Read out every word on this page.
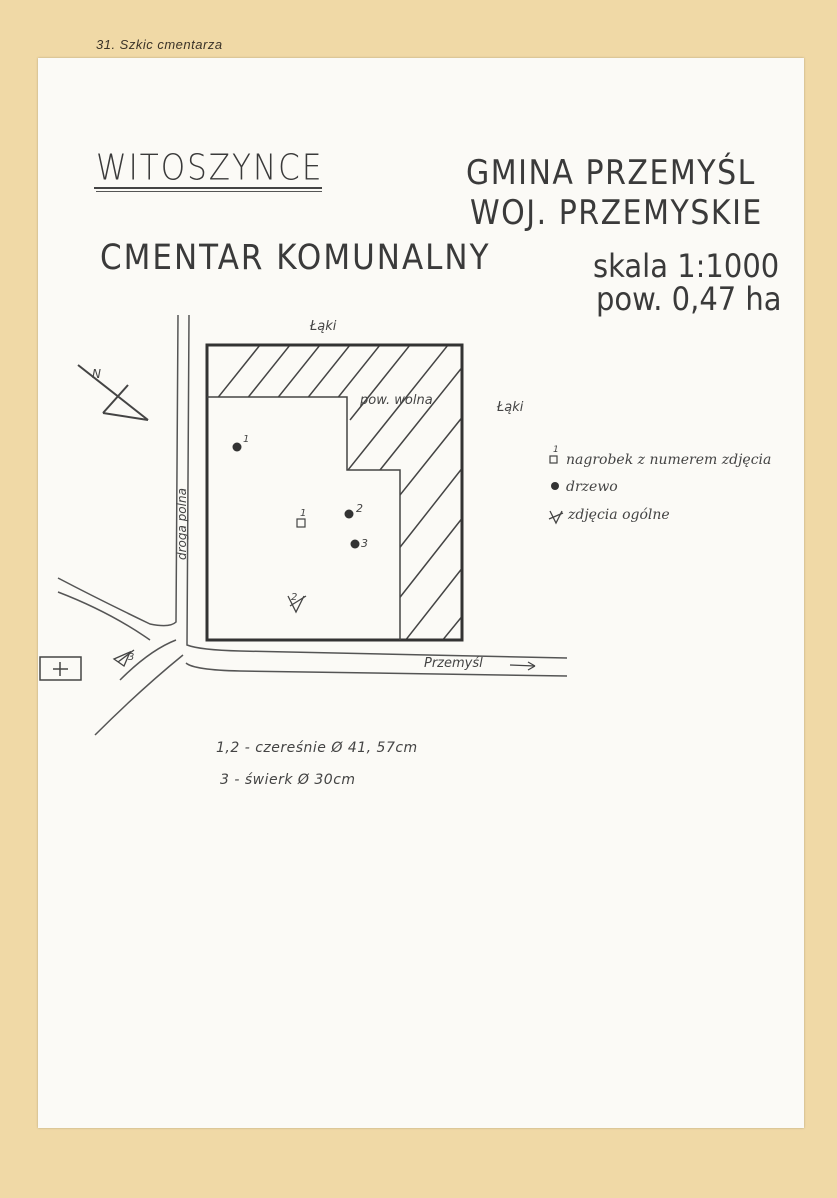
31. Szkic cmentarza
WITOSZYNCE	GMINA PRZEMYŚL
WOJ. PRZEMYSKIE
CMENTAR KOMUNALNY	skala 1:1000
pow. 0,47 ha
N
Łąki
Łąki
pow. wolna
droga polna
Przemyśl
1
2
3
1
2
3
1
nagrobek z numerem zdjęcia
drzewo
zdjęcia ogólne
1,2 - czereśnie Ø 41, 57cm
3 - świerk Ø 30cm
